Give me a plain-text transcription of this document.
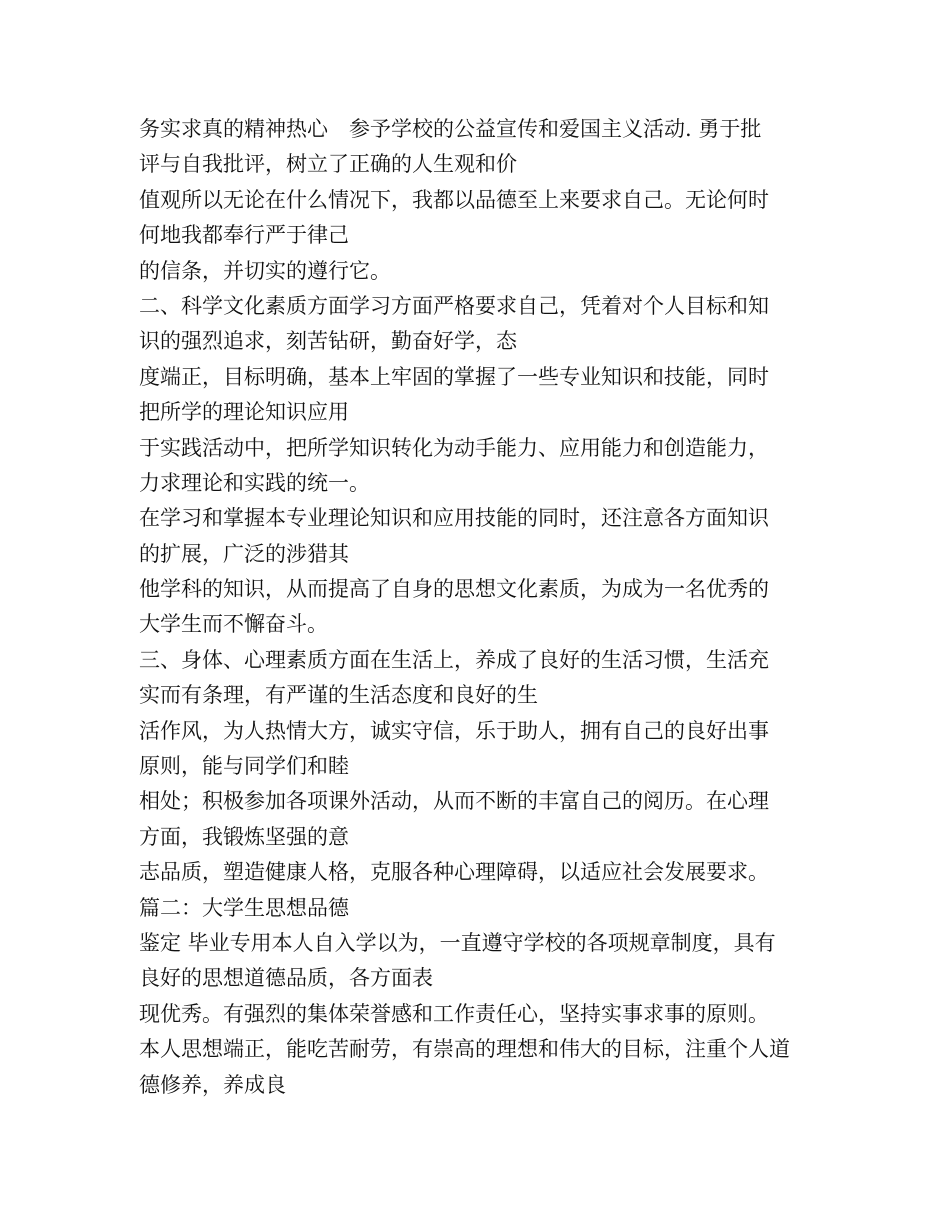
务实求真的精神热心　参予学校的公益宣传和爱国主义活动. 勇于批
评与自我批评，树立了正确的人生观和价
值观所以无论在什么情况下，我都以品德至上来要求自己。无论何时
何地我都奉行严于律己
的信条，并切实的遵行它。
二、科学文化素质方面学习方面严格要求自己，凭着对个人目标和知
识的强烈追求，刻苦钻研，勤奋好学，态
度端正，目标明确，基本上牢固的掌握了一些专业知识和技能，同时
把所学的理论知识应用
于实践活动中，把所学知识转化为动手能力、应用能力和创造能力，
力求理论和实践的统一。
在学习和掌握本专业理论知识和应用技能的同时，还注意各方面知识
的扩展，广泛的涉猎其
他学科的知识，从而提高了自身的思想文化素质，为成为一名优秀的
大学生而不懈奋斗。
三、身体、心理素质方面在生活上，养成了良好的生活习惯，生活充
实而有条理，有严谨的生活态度和良好的生
活作风，为人热情大方，诚实守信，乐于助人，拥有自己的良好出事
原则，能与同学们和睦
相处；积极参加各项课外活动，从而不断的丰富自己的阅历。在心理
方面，我锻炼坚强的意
志品质，塑造健康人格，克服各种心理障碍，以适应社会发展要求。
篇二：大学生思想品德
鉴定 毕业专用本人自入学以为，一直遵守学校的各项规章制度，具有
良好的思想道德品质，各方面表
现优秀。有强烈的集体荣誉感和工作责任心，坚持实事求事的原则。
本人思想端正，能吃苦耐劳，有崇高的理想和伟大的目标，注重个人道
德修养，养成良
